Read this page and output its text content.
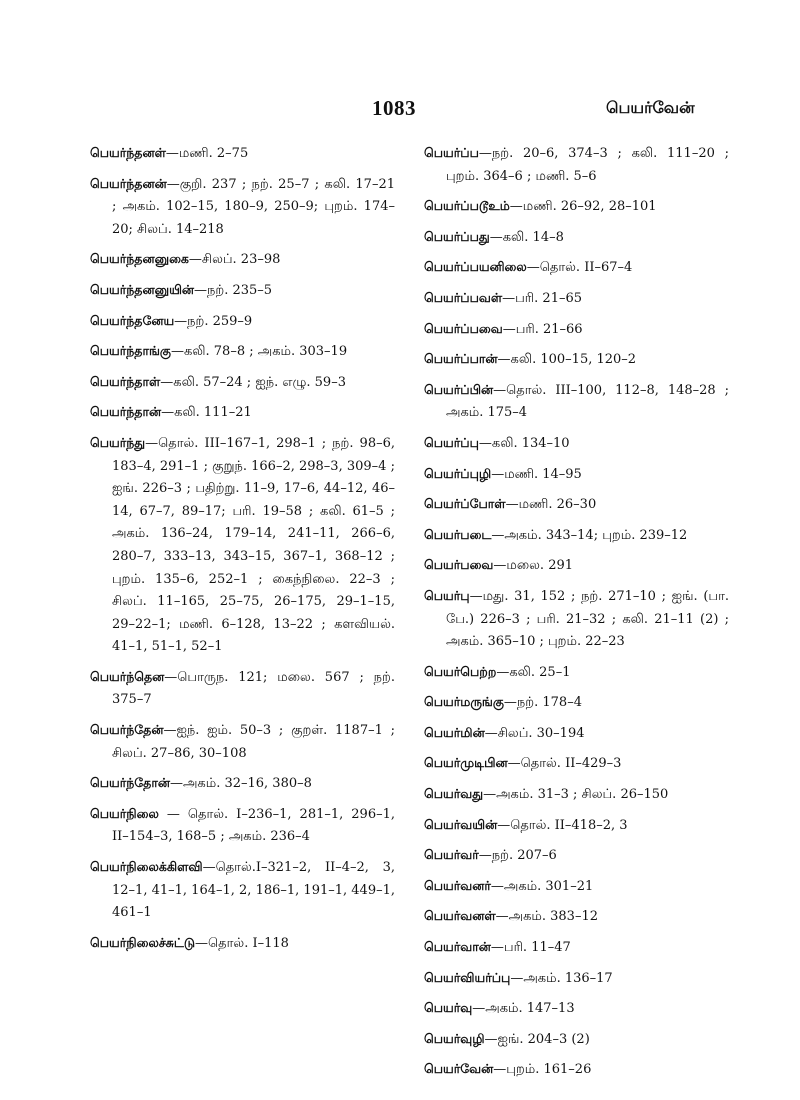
1083	பெயர்வேன்

பெயர்ந்தனள்—மணி. 2–75

பெயர்ந்தனன்—குறி. 237 ; நற். 25–7 ; கலி. 17–21 ; அகம். 102–15, 180–9, 250–9; புறம். 174–20; சிலப். 14–218

பெயர்ந்தனனுகை—சிலப். 23–98

பெயர்ந்தனனுயின்—நற். 235–5

பெயர்ந்தனேய—நற். 259–9

பெயர்ந்தாங்கு—கலி. 78–8 ; அகம். 303–19

பெயர்ந்தாள்—கலி. 57–24 ; ஐந். எழு. 59–3

பெயர்ந்தான்—கலி. 111–21

பெயர்ந்து—தொல். III–167–1, 298–1 ; நற். 98–6, 183–4, 291–1 ; குறுந். 166–2, 298–3, 309–4 ; ஐங். 226–3 ; பதிற்று. 11–9, 17–6, 44–12, 46–14, 67–7, 89–17; பரி. 19–58 ; கலி. 61–5 ; அகம். 136–24, 179–14, 241–11, 266–6, 280–7, 333–13, 343–15, 367–1, 368–12 ; புறம். 135–6, 252–1 ; கைந்நிலை. 22–3 ; சிலப். 11–165, 25–75, 26–175, 29–1–15, 29–22–1; மணி. 6–128, 13–22 ; களவியல். 41–1, 51–1, 52–1

பெயர்ந்தென—பொருந. 121; மலை. 567 ; நற். 375–7

பெயர்ந்தேன்—ஐந். ஐம். 50–3 ; குறள். 1187–1 ; சிலப். 27–86, 30–108

பெயர்ந்தோன்—அகம். 32–16, 380–8

பெயர்நிலை — தொல். I–236–1, 281–1, 296–1, II–154–3, 168–5 ; அகம். 236–4

பெயர்நிலைக்கிளவி—தொல்.I–321–2, II–4–2, 3, 12–1, 41–1, 164–1, 2, 186–1, 191–1, 449–1, 461–1

பெயர்நிலைச்சுட்டு—தொல். I–118

பெயர்ப்ப—நற். 20–6, 374–3 ; கலி. 111–20 ; புறம். 364–6 ; மணி. 5–6

பெயர்ப்படூஉம்—மணி. 26–92, 28–101

பெயர்ப்பது—கலி. 14–8

பெயர்ப்பயனிலை—தொல். II–67–4

பெயர்ப்பவள்—பரி. 21–65

பெயர்ப்பவை—பரி. 21–66

பெயர்ப்பான்—கலி. 100–15, 120–2

பெயர்ப்பின்—தொல். III–100, 112–8, 148–28 ; அகம். 175–4

பெயர்ப்பு—கலி. 134–10

பெயர்ப்புழி—மணி. 14–95

பெயர்ப்போள்—மணி. 26–30

பெயர்படை—அகம். 343–14; புறம். 239–12

பெயர்பவை—மலை. 291

பெயர்பு—மது. 31, 152 ; நற். 271–10 ; ஐங். (பா. பே.) 226–3 ; பரி. 21–32 ; கலி. 21–11 (2) ; அகம். 365–10 ; புறம். 22–23

பெயர்பெற்ற—கலி. 25–1

பெயர்மருங்கு—நற். 178–4

பெயர்மின்—சிலப். 30–194

பெயர்முடிபின—தொல். II–429–3

பெயர்வது—அகம். 31–3 ; சிலப். 26–150

பெயர்வயின்—தொல். II–418–2, 3

பெயர்வர்—நற். 207–6

பெயர்வனர்—அகம். 301–21

பெயர்வனள்—அகம். 383–12

பெயர்வான்—பரி. 11–47

பெயர்வியர்ப்பு—அகம். 136–17

பெயர்வு—அகம். 147–13

பெயர்வுழி—ஐங். 204–3 (2)

பெயர்வேன்—புறம். 161–26
